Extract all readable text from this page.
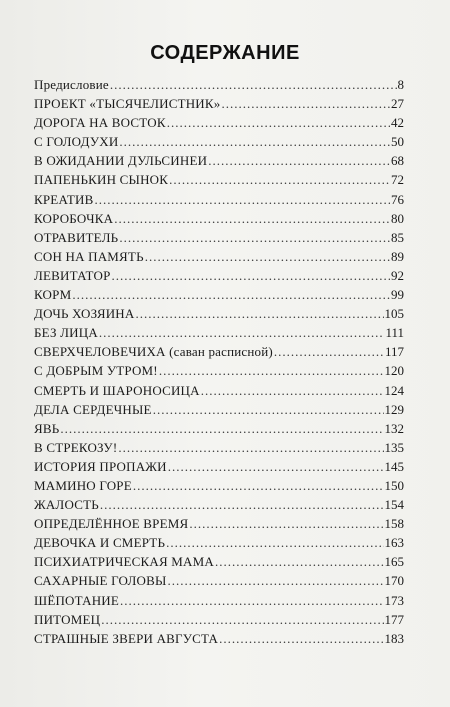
СОДЕРЖАНИЕ
Предисловие .....	8
ПРОЕКТ «ТЫСЯЧЕЛИСТНИК» .....	27
ДОРОГА НА ВОСТОК .....	42
С ГОЛОДУХИ .....	50
В ОЖИДАНИИ ДУЛЬСИНЕИ .....	68
ПАПЕНЬКИН СЫНОК .....	72
КРЕАТИВ .....	76
КОРОБОЧКА .....	80
ОТРАВИТЕЛЬ .....	85
СОН НА ПАМЯТЬ .....	89
ЛЕВИТАТОР .....	92
КОРМ .....	99
ДОЧЬ ХОЗЯИНА .....	105
БЕЗ ЛИЦА .....	111
СВЕРХЧЕЛОВЕЧИХА (саван расписной) .....	117
С ДОБРЫМ УТРОМ! .....	120
СМЕРТЬ И ШАРОНОСИЦА .....	124
ДЕЛА СЕРДЕЧНЫЕ .....	129
ЯВЬ .....	132
В СТРЕКОЗУ! .....	135
ИСТОРИЯ ПРОПАЖИ .....	145
МАМИНО ГОРЕ .....	150
ЖАЛОСТЬ .....	154
ОПРЕДЕЛЁННОЕ ВРЕМЯ .....	158
ДЕВОЧКА И СМЕРТЬ .....	163
ПСИХИАТРИЧЕСКАЯ МАМА .....	165
САХАРНЫЕ ГОЛОВЫ .....	170
ШЁПОТАНИЕ .....	173
ПИТОМЕЦ .....	177
СТРАШНЫЕ ЗВЕРИ АВГУСТА .....	183
